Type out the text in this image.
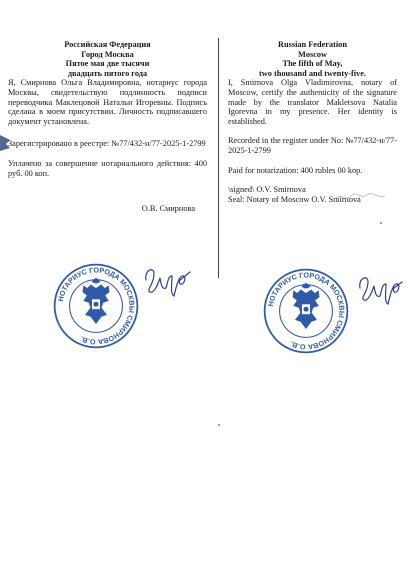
Российская Федерация
Город Москва
Пятое мая две тысячи
двадцать пятого года

Я, Смирнова Ольга Владимировна, нотариус города Москвы, свидетельствую подлинность подписи переводчика Маклецовой Натальи Игоревны. Подпись сделана в моем присутствии. Личность подписавшего документ установлена.

Зарегистрировано в реестре: №77/432-н/77-2025-1-2799

Уплачено за совершение нотариального действия: 400 руб. 00 коп.

О.В. Смирнова
Russian Federation
Moscow
The fifth of May,
two thousand and twenty-five.

I, Smirnova Olga Vladimirovna, notary of Moscow, certify the authenticity of the signature made by the translator Makletsova Natalia Igorevna in my presence. Her identity is established.

Recorded in the register under No: №77/432-н/77-2025-1-2799

Paid for notarization: 400 rubles 00 kop.

\signed\ O.V. Smirnova
Seal: Notary of Moscow O.V. Smirnova
НОТАРИУС ГОРОДА МОСКВЫ СМИРНОВА О.В.
НОТАРИУС ГОРОДА МОСКВЫ СМИРНОВА О.В.
